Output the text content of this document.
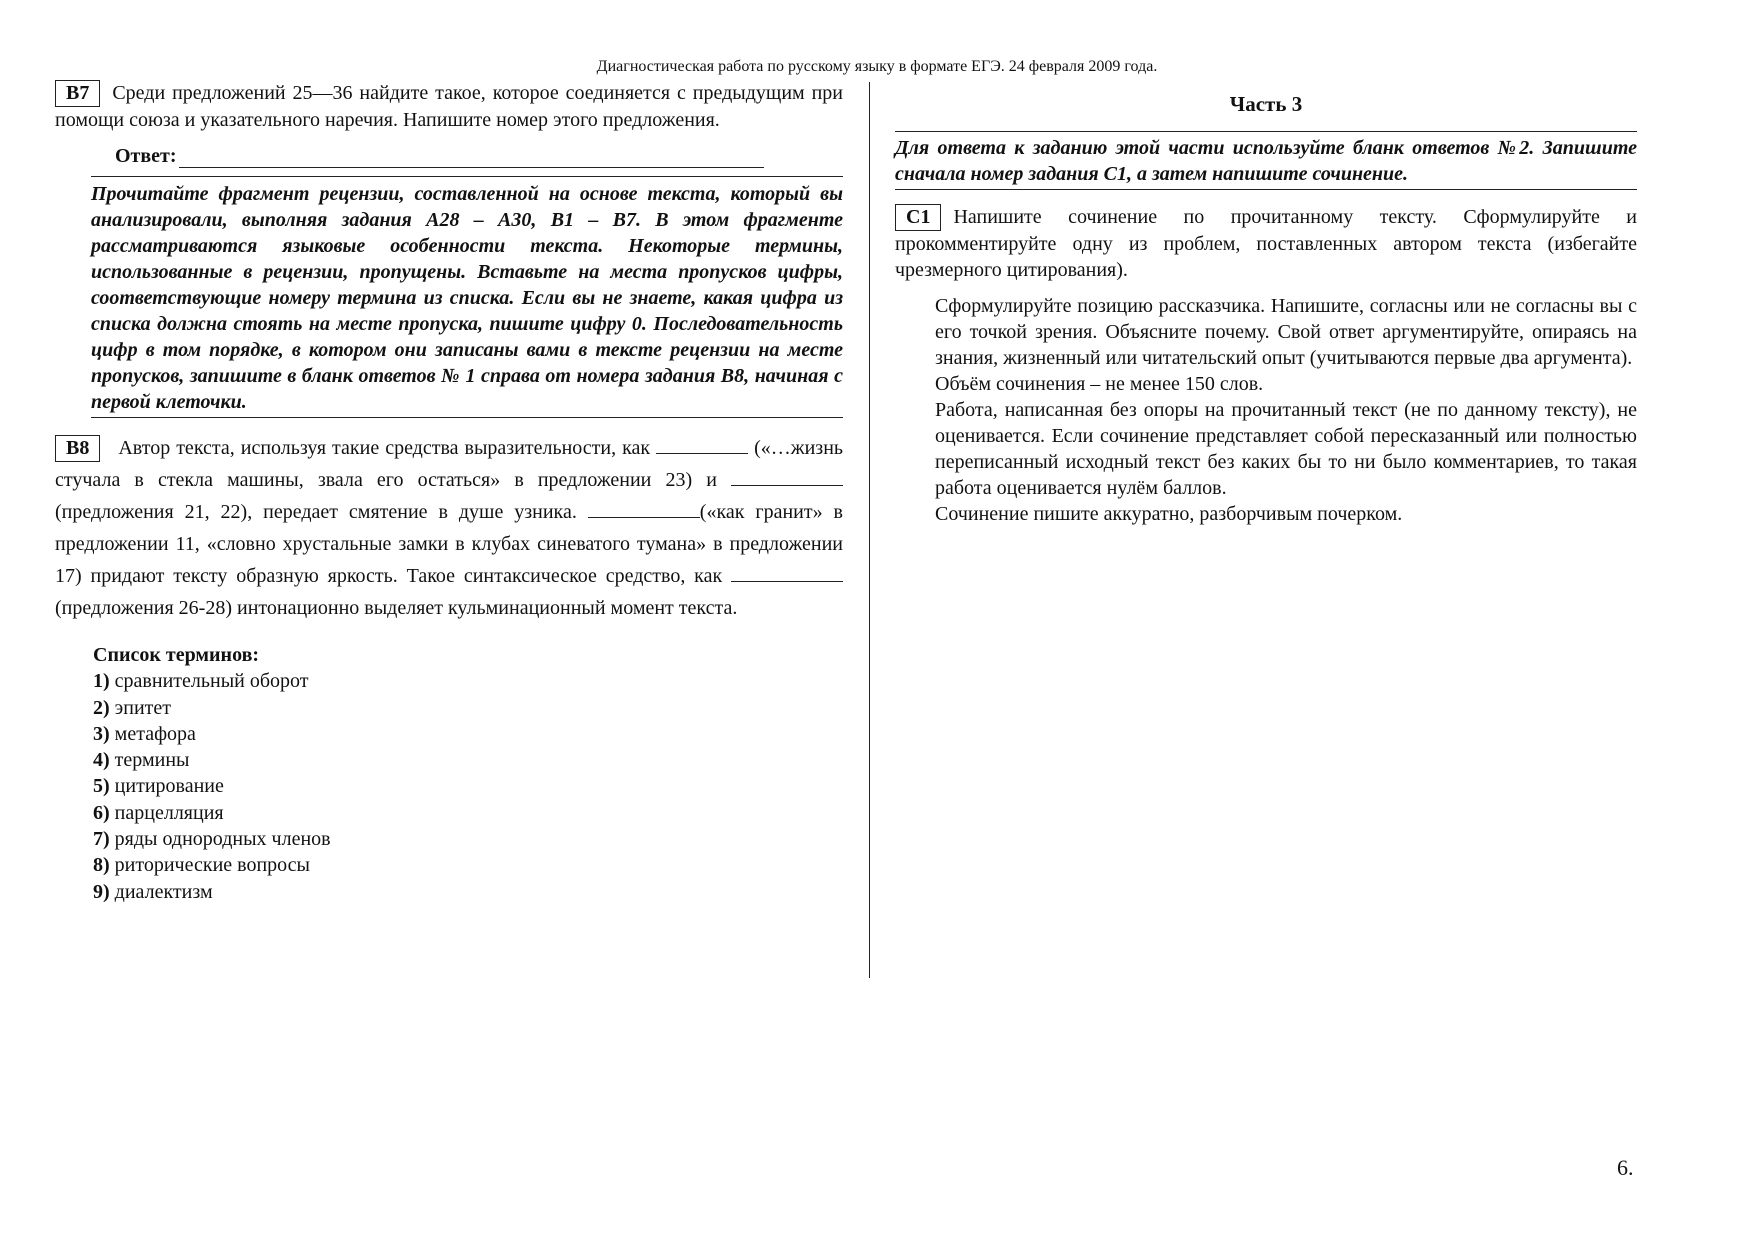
Диагностическая работа по русскому языку в формате ЕГЭ. 24 февраля 2009 года.
B7 Среди предложений 25—36 найдите такое, которое соединяется с предыдущим при помощи союза и указательного наречия. Напишите номер этого предложения.
Ответ:
Прочитайте фрагмент рецензии, составленной на основе текста, который вы анализировали, выполняя задания А28 – А30, В1 – В7. В этом фрагменте рассматриваются языковые особенности текста. Некоторые термины, использованные в рецензии, пропущены. Вставьте на места пропусков цифры, соответствующие номеру термина из списка. Если вы не знаете, какая цифра из списка должна стоять на месте пропуска, пишите цифру 0. Последовательность цифр в том порядке, в котором они записаны вами в тексте рецензии на месте пропусков, запишите в бланк ответов № 1 справа от номера задания В8, начиная с первой клеточки.

B8 Автор текста, используя такие средства выразительности, как	(«…жизнь стучала в стекла машины, звала его остаться» в предложении 23) и  (предложения 21, 22), передает смятение в душе узника.	(«как гранит» в предложении 11, «словно хрустальные замки в клубах синеватого тумана» в предложении 17) придают тексту образную яркость. Такое синтаксическое средство, как  (предложения 26-28) интонационно выделяет кульминационный момент текста.

Список терминов:
1) сравнительный оборот
2) эпитет
3) метафора
4) термины
5) цитирование
6) парцелляция
7) ряды однородных членов
8) риторические вопросы
9) диалектизм
Часть 3
Для ответа к заданию этой части используйте бланк ответов №2. Запишите сначала номер задания С1, а затем напишите сочинение.

С1 Напишите сочинение по прочитанному тексту. Сформулируйте и прокомментируйте одну из проблем, поставленных автором текста (избегайте чрезмерного цитирования).

Сформулируйте позицию рассказчика. Напишите, согласны или не согласны вы с его точкой зрения. Объясните почему. Свой ответ аргументируйте, опираясь на знания, жизненный или читательский опыт (учитываются первые два аргумента).

Объём сочинения – не менее 150 слов.

Работа, написанная без опоры на прочитанный текст (не по данному тексту), не оценивается. Если сочинение представляет собой пересказанный или полностью переписанный исходный текст без каких бы то ни было комментариев, то такая работа оценивается нулём баллов.

Сочинение пишите аккуратно, разборчивым почерком.

6.
